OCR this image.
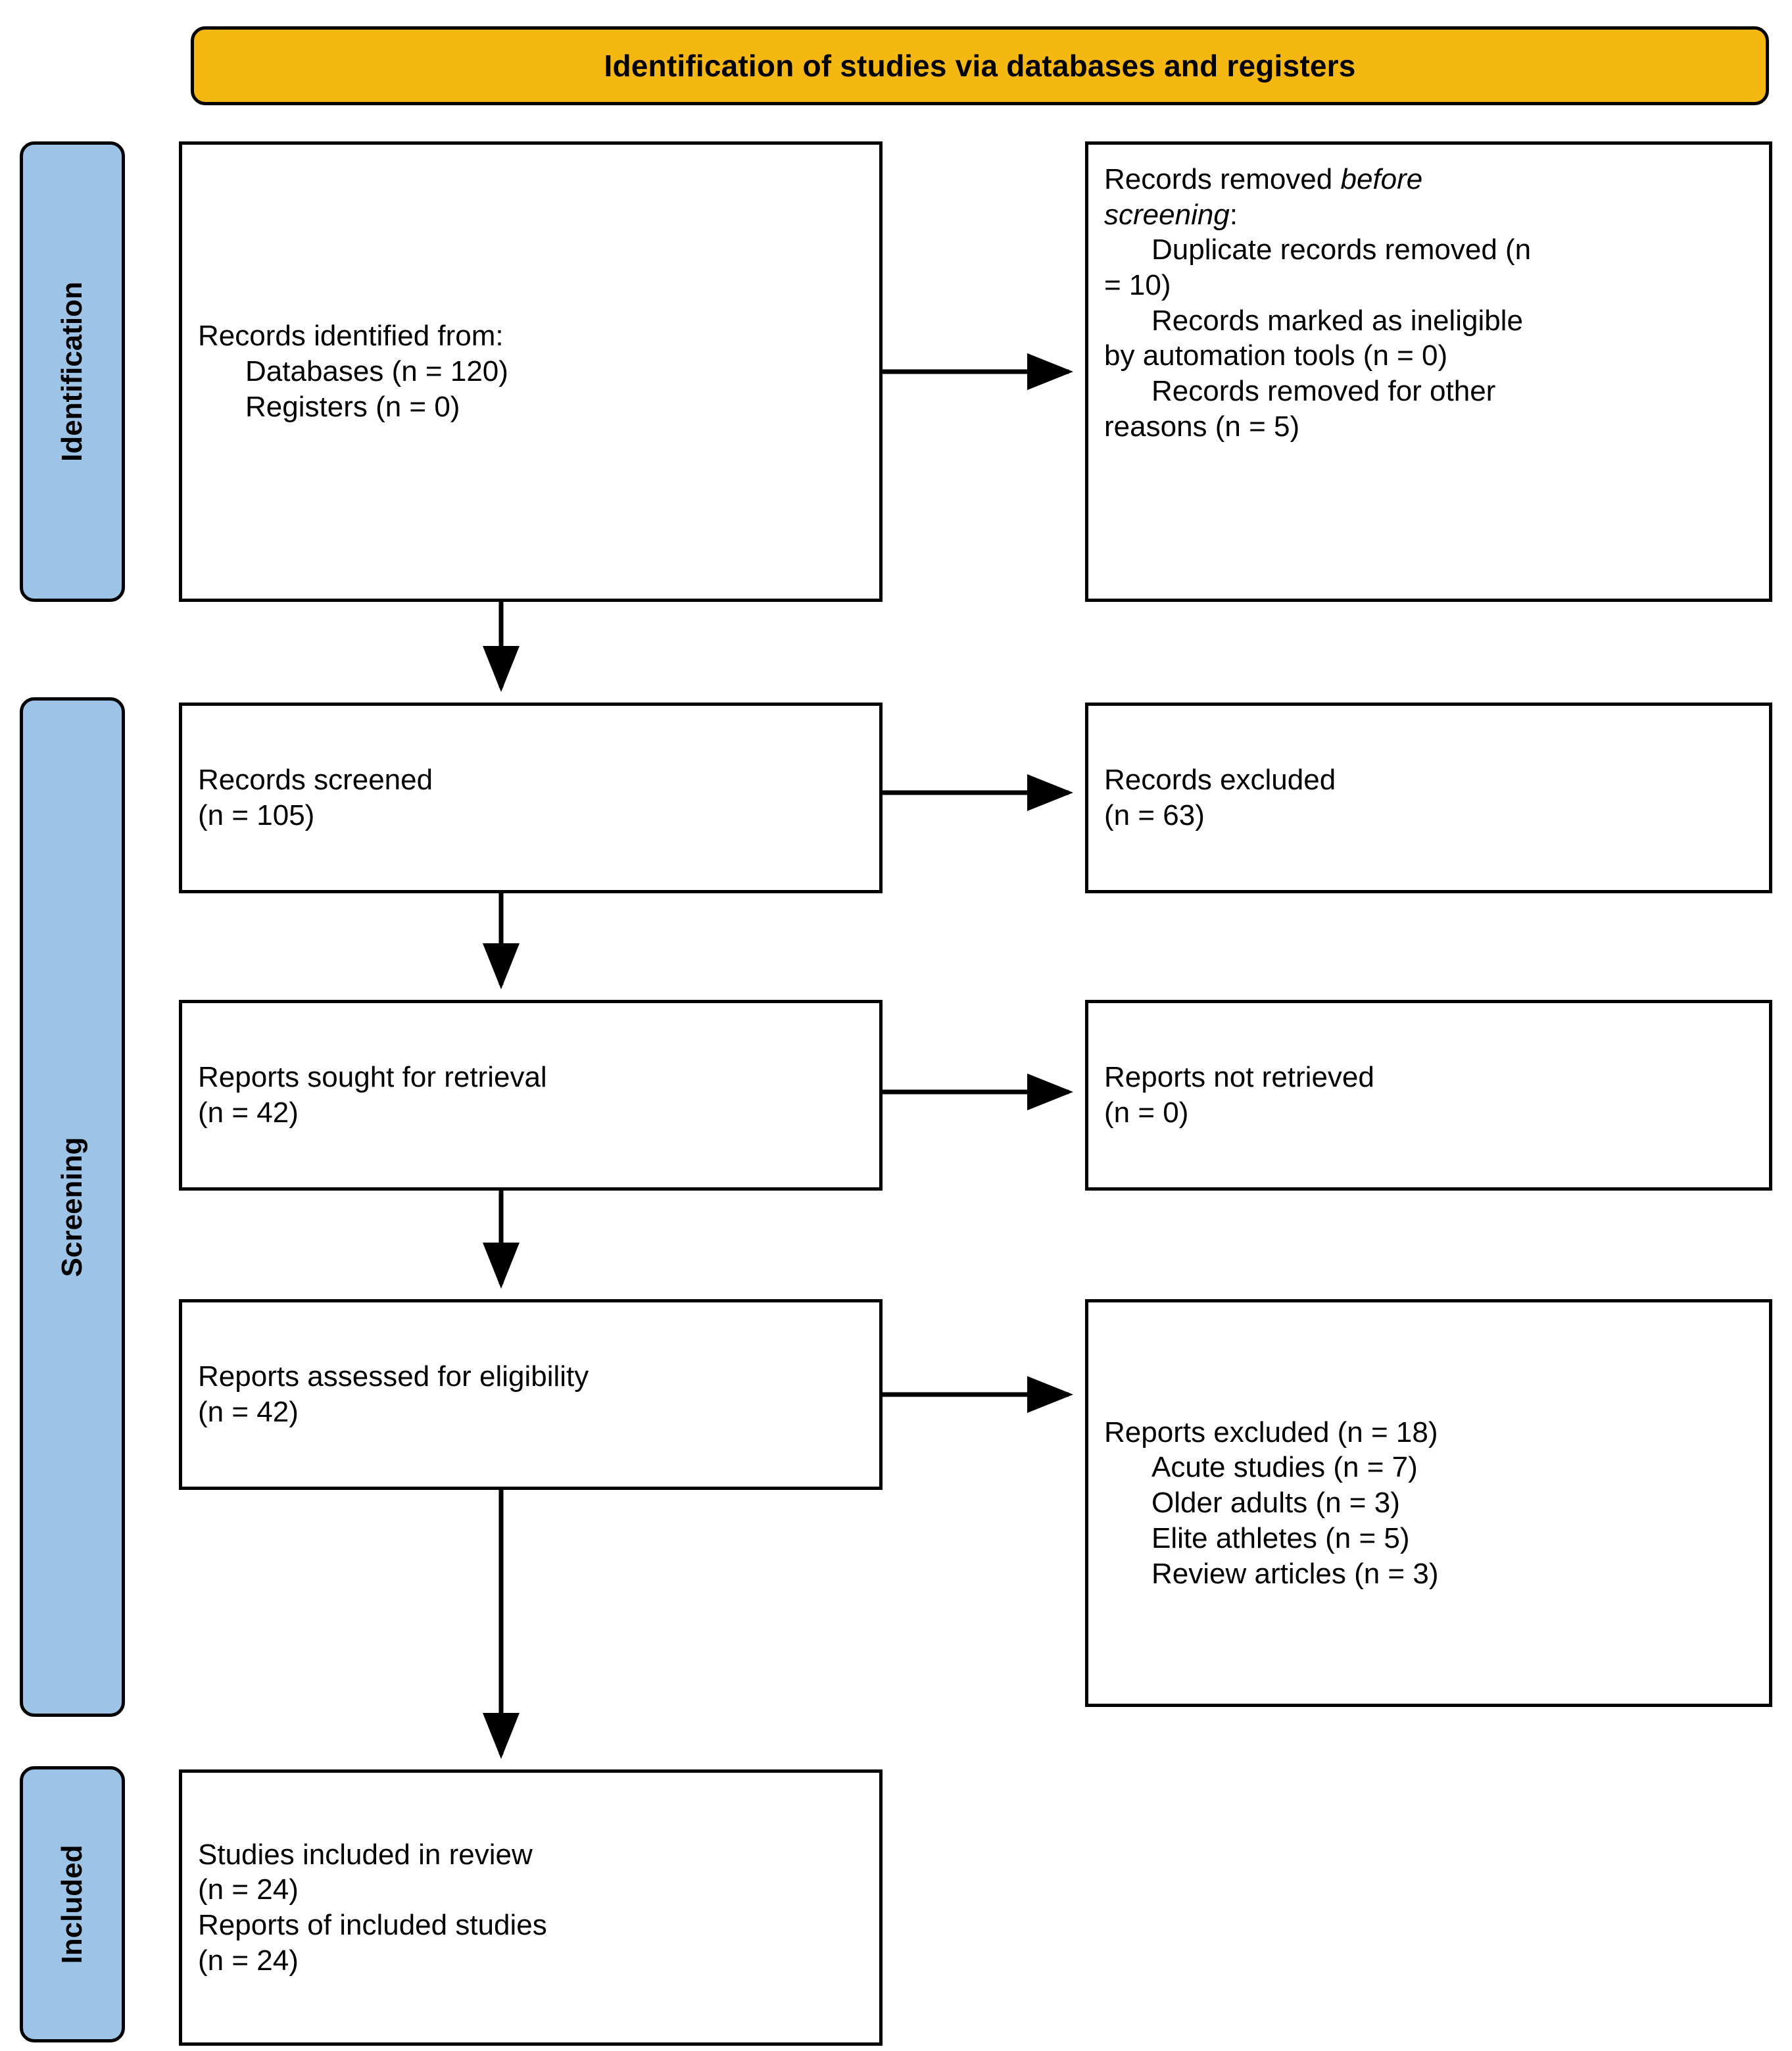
Identification of studies via databases and registers
Identification
Screening
Included
Records identified from:
Databases (n = 120)
Registers (n = 0)
Records removed before
screening:
Duplicate records removed (n
= 10)
Records marked as ineligible
by automation tools (n = 0)
Records removed for other
reasons (n = 5)
Records screened
(n = 105)
Records excluded
(n = 63)
Reports sought for retrieval
(n = 42)
Reports not retrieved
(n = 0)
Reports assessed for eligibility
(n = 42)
Reports excluded (n = 18)
Acute studies (n = 7)
Older adults (n = 3)
Elite athletes (n = 5)
Review articles (n = 3)
Studies included in review
(n = 24)
Reports of included studies
(n = 24)
